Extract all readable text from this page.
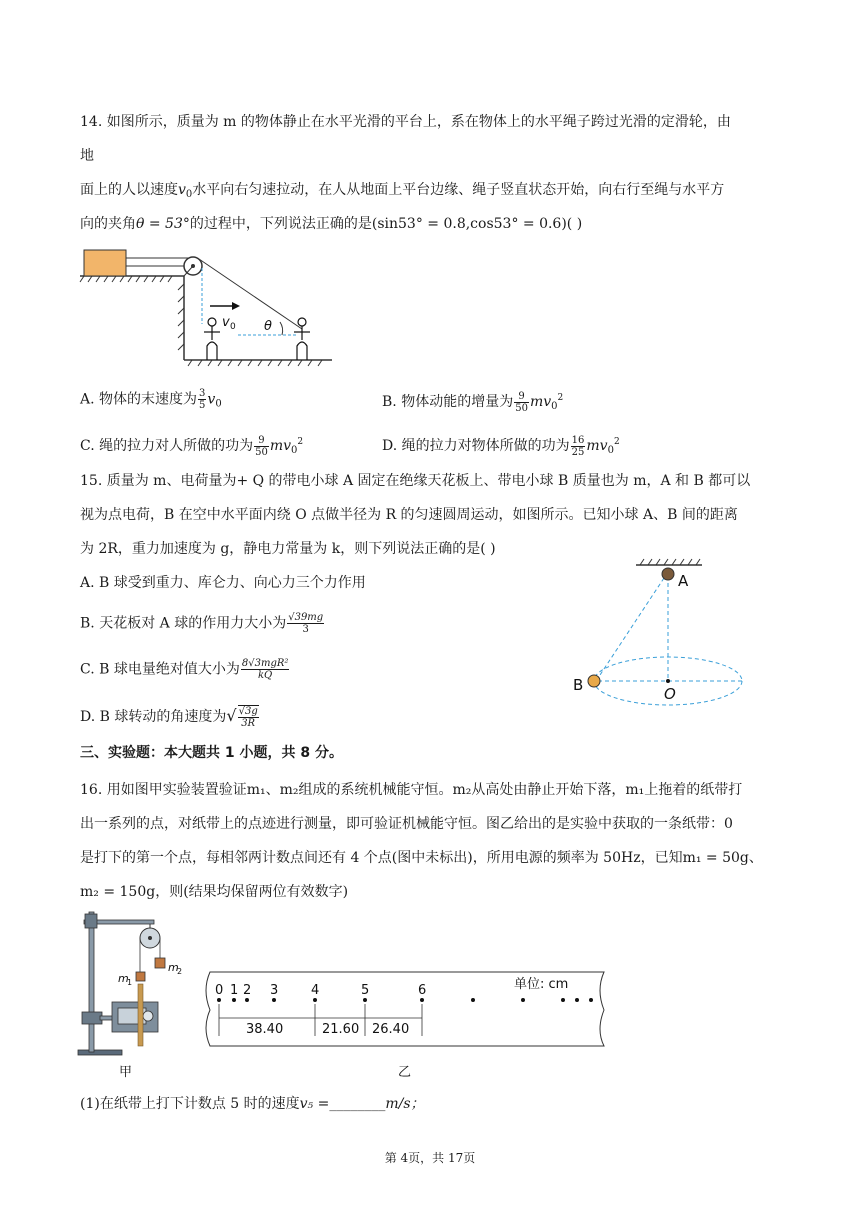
14. 如图所示，质量为 m 的物体静止在水平光滑的平台上，系在物体上的水平绳子跨过光滑的定滑轮，由
地
面上的人以速度$v_0$水平向右匀速拉动，在人从地面上平台边缘、绳子竖直状态开始，向右行至绳与水平方
向的夹角θ = 53°的过程中，下列说法正确的是(sin53° = 0.8,cos53° = 0.6)( )
v 0 θ
A. 物体的末速度为 $\frac{3}{5} v_0$	B. 物体动能的增量为 $\frac{9}{50} mv_0^2$
C. 绳的拉力对人所做的功为 $\frac{9}{50} mv_0^2$	D. 绳的拉力对物体所做的功为 $\frac{16}{25} mv_0^2$
15. 质量为 m、电荷量为+ Q 的带电小球 A 固定在绝缘天花板上、带电小球 B 质量也为 m，A 和 B 都可以
视为点电荷，B 在空中水平面内绕 O 点做半径为 R 的匀速圆周运动，如图所示。已知小球 A、B 间的距离
为 2R，重力加速度为 g，静电力常量为 k，则下列说法正确的是( )
A. B 球受到重力、库仑力、向心力三个力作用
B. 天花板对 A 球的作用力大小为 $\frac{√39mg}{3}$
C. B 球电量绝对值大小为 8√3mgR²
kQ
D. B 球转动的角速度为√ $\frac{√3g}{3R}$
A
B	O
三、实验题：本大题共 1 小题，共 8 分。
16. 用如图甲实验装置验证m₁、m₂组成的系统机械能守恒。m₂从高处由静止开始下落，m₁上拖着的纸带打
出一系列的点，对纸带上的点迹进行测量，即可验证机械能守恒。图乙给出的是实验中获取的一条纸带：0
是打下的第一个点，每相邻两计数点间还有 4 个点(图中未标出)，所用电源的频率为 50Hz，已知m₁ = 50g、
m₂ = 150g，则(结果均保留两位有效数字)
m
2
m
1
甲
单位: cm
0 1 2 3	4	5	6
38.40	21.60 26.40
乙
(1)在纸带上打下计数点 5 时的速度v₅ =________m/s；
第 4页，共 17页
